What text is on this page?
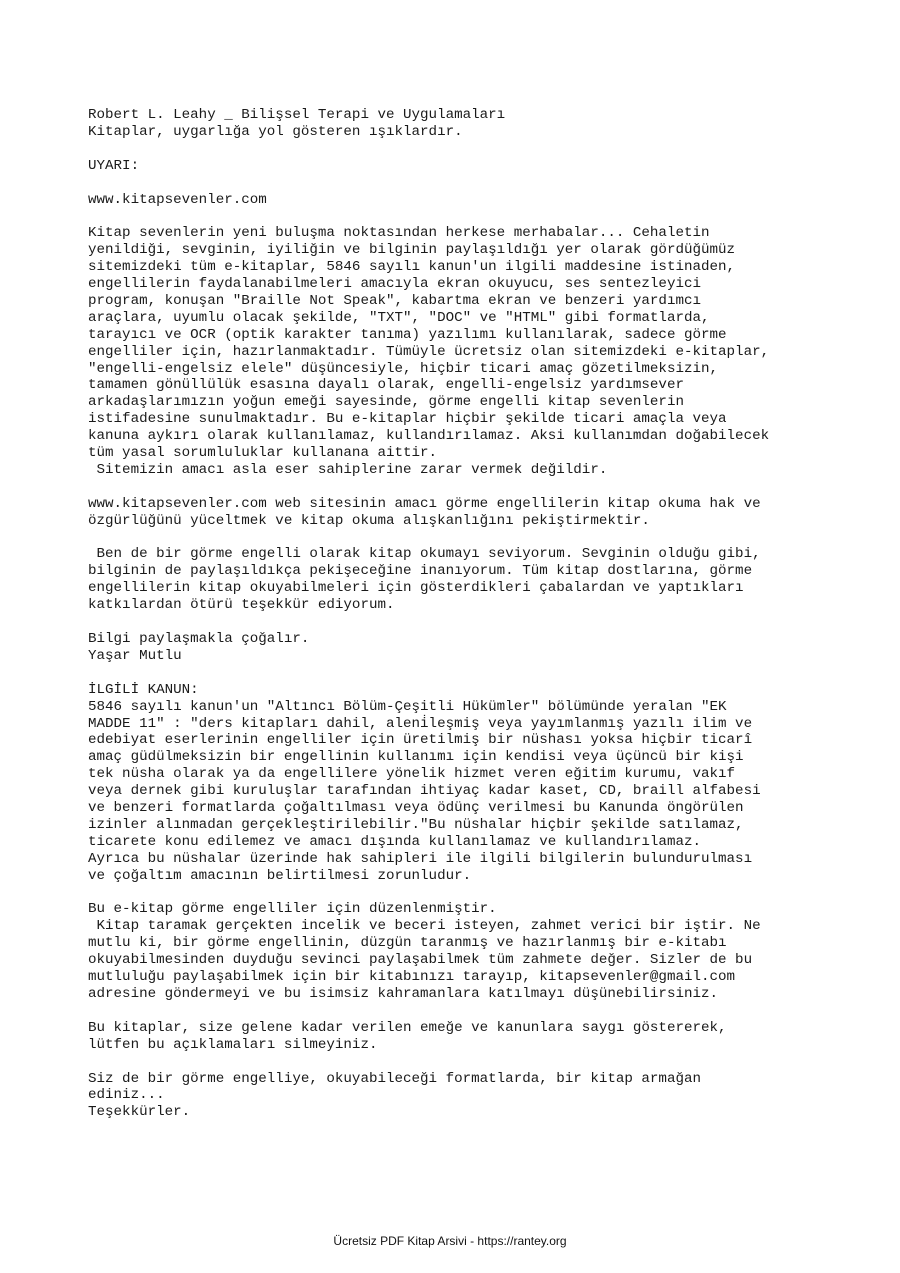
Robert L. Leahy _ Bilişsel Terapi ve Uygulamaları
Kitaplar, uygarlığa yol gösteren ışıklardır.
UYARI:
www.kitapsevenler.com
Kitap sevenlerin yeni buluşma noktasından herkese merhabalar... Cehaletin
yenildiği, sevginin, iyiliğin ve bilginin paylaşıldığı yer olarak gördüğümüz
sitemizdeki tüm e-kitaplar, 5846 sayılı kanun'un ilgili maddesine istinaden,
engellilerin faydalanabilmeleri amacıyla ekran okuyucu, ses sentezleyici
program, konuşan "Braille Not Speak", kabartma ekran ve benzeri yardımcı
araçlara, uyumlu olacak şekilde, "TXT", "DOC" ve "HTML" gibi formatlarda,
tarayıcı ve OCR (optik karakter tanıma) yazılımı kullanılarak, sadece görme
engelliler için, hazırlanmaktadır. Tümüyle ücretsiz olan sitemizdeki e-kitaplar,
"engelli-engelsiz elele" düşüncesiyle, hiçbir ticari amaç gözetilmeksizin,
tamamen gönüllülük esasına dayalı olarak, engelli-engelsiz yardımsever
arkadaşlarımızın yoğun emeği sayesinde, görme engelli kitap sevenlerin
istifadesine sunulmaktadır. Bu e-kitaplar hiçbir şekilde ticari amaçla veya
kanuna aykırı olarak kullanılamaz, kullandırılamaz. Aksi kullanımdan doğabilecek
tüm yasal sorumluluklar kullanana aittir.
Sitemizin amacı asla eser sahiplerine zarar vermek değildir.
www.kitapsevenler.com web sitesinin amacı görme engellilerin kitap okuma hak ve
özgürlüğünü yüceltmek ve kitap okuma alışkanlığını pekiştirmektir.
Ben de bir görme engelli olarak kitap okumayı seviyorum. Sevginin olduğu gibi,
bilginin de paylaşıldıkça pekişeceğine inanıyorum. Tüm kitap dostlarına, görme
engellilerin kitap okuyabilmeleri için gösterdikleri çabalardan ve yaptıkları
katkılardan ötürü teşekkür ediyorum.
Bilgi paylaşmakla çoğalır.
Yaşar Mutlu
İLGİLİ KANUN:
5846 sayılı kanun'un "Altıncı Bölüm-Çeşitli Hükümler" bölümünde yeralan "EK
MADDE 11" : "ders kitapları dahil, aleni̇leşmiş veya yayımlanmış yazılı ilim ve
edebiyat eserlerinin engelliler için üretilmiş bir nüshası yoksa hiçbir ticarî
amaç güdülmeksizin bir engellinin kullanımı için kendisi veya üçüncü bir kişi
tek nüsha olarak ya da engellilere yönelik hizmet veren eğitim kurumu, vakıf
veya dernek gibi kuruluşlar tarafından ihtiyaç kadar kaset, CD, braill alfabesi
ve benzeri formatlarda çoğaltılması veya ödünç verilmesi bu Kanunda öngörülen
izinler alınmadan gerçekleştirilebilir."Bu nüshalar hiçbir şekilde satılamaz,
ticarete konu edilemez ve amacı dışında kullanılamaz ve kullandırılamaz.
Ayrıca bu nüshalar üzerinde hak sahipleri ile ilgili bilgilerin bulundurulması
ve çoğaltım amacının belirtilmesi zorunludur.
Bu e-kitap görme engelliler için düzenlenmiştir.
Kitap taramak gerçekten incelik ve beceri isteyen, zahmet verici bir iştir. Ne
mutlu ki, bir görme engellinin, düzgün taranmış ve hazırlanmış bir e-kitabı
okuyabilmesinden duyduğu sevinci paylaşabilmek tüm zahmete değer. Sizler de bu
mutluluğu paylaşabilmek için bir kitabınızı tarayıp, kitapsevenler@gmail.com
adresine göndermeyi ve bu isimsiz kahramanlara katılmayı düşünebilirsiniz.
Bu kitaplar, size gelene kadar verilen emeğe ve kanunlara saygı göstererek,
lütfen bu açıklamaları silmeyiniz.
Siz de bir görme engelliye, okuyabileceği formatlarda, bir kitap armağan
ediniz...
Teşekkürler.
Ücretsiz PDF Kitap Arsivi - https://rantey.org
